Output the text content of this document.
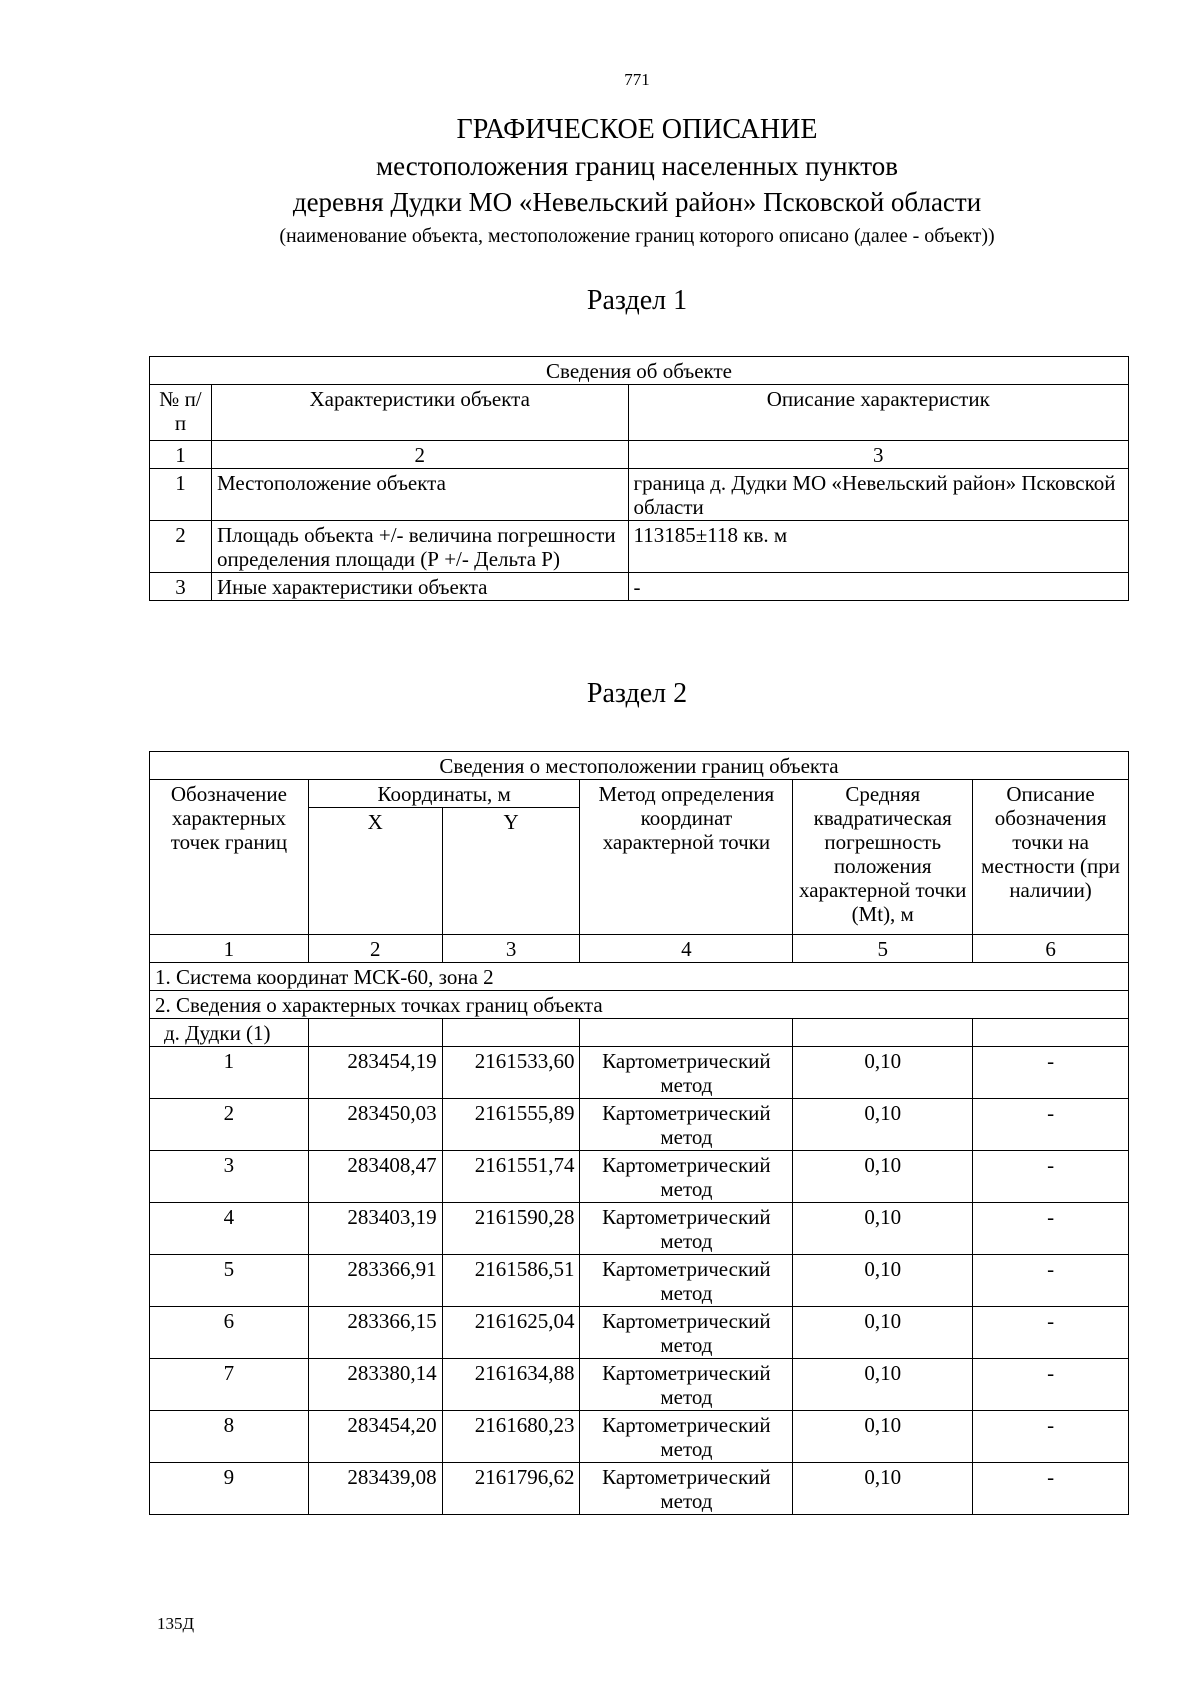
771
ГРАФИЧЕСКОЕ ОПИСАНИЕ
местоположения границ населенных пунктов
деревня Дудки МО «Невельский район» Псковской области
(наименование объекта, местоположение границ которого описано (далее - объект))
Раздел 1
Сведения об объекте		
№ п/п	Характеристики объекта	Описание характеристик
1	2	3
1	Местоположение объекта	граница д. Дудки МО «Невельский район» Псковской области
2	Площадь объекта +/- величина погрешности определения площади (Р +/- Дельта Р)	113185±118 кв. м
3	Иные характеристики объекта	-
Раздел 2
Сведения о местоположении границ объекта					
Обозначение характерных точек границ	Координаты, м		Метод определения координат характерной точки	Средняя квадратическая погрешность положения характерной точки (Mt), м	Описание обозначения точки на местности (при наличии)
	X	Y			
1	2	3	4	5	6
1. Система координат МСК-60, зона 2					
2. Сведения о характерных точках границ объекта					
д. Дудки (1)					
1	283454,19	2161533,60	Картометрический метод	0,10	-
2	283450,03	2161555,89	Картометрический метод	0,10	-
3	283408,47	2161551,74	Картометрический метод	0,10	-
4	283403,19	2161590,28	Картометрический метод	0,10	-
5	283366,91	2161586,51	Картометрический метод	0,10	-
6	283366,15	2161625,04	Картометрический метод	0,10	-
7	283380,14	2161634,88	Картометрический метод	0,10	-
8	283454,20	2161680,23	Картометрический метод	0,10	-
9	283439,08	2161796,62	Картометрический метод	0,10	-
135Д
